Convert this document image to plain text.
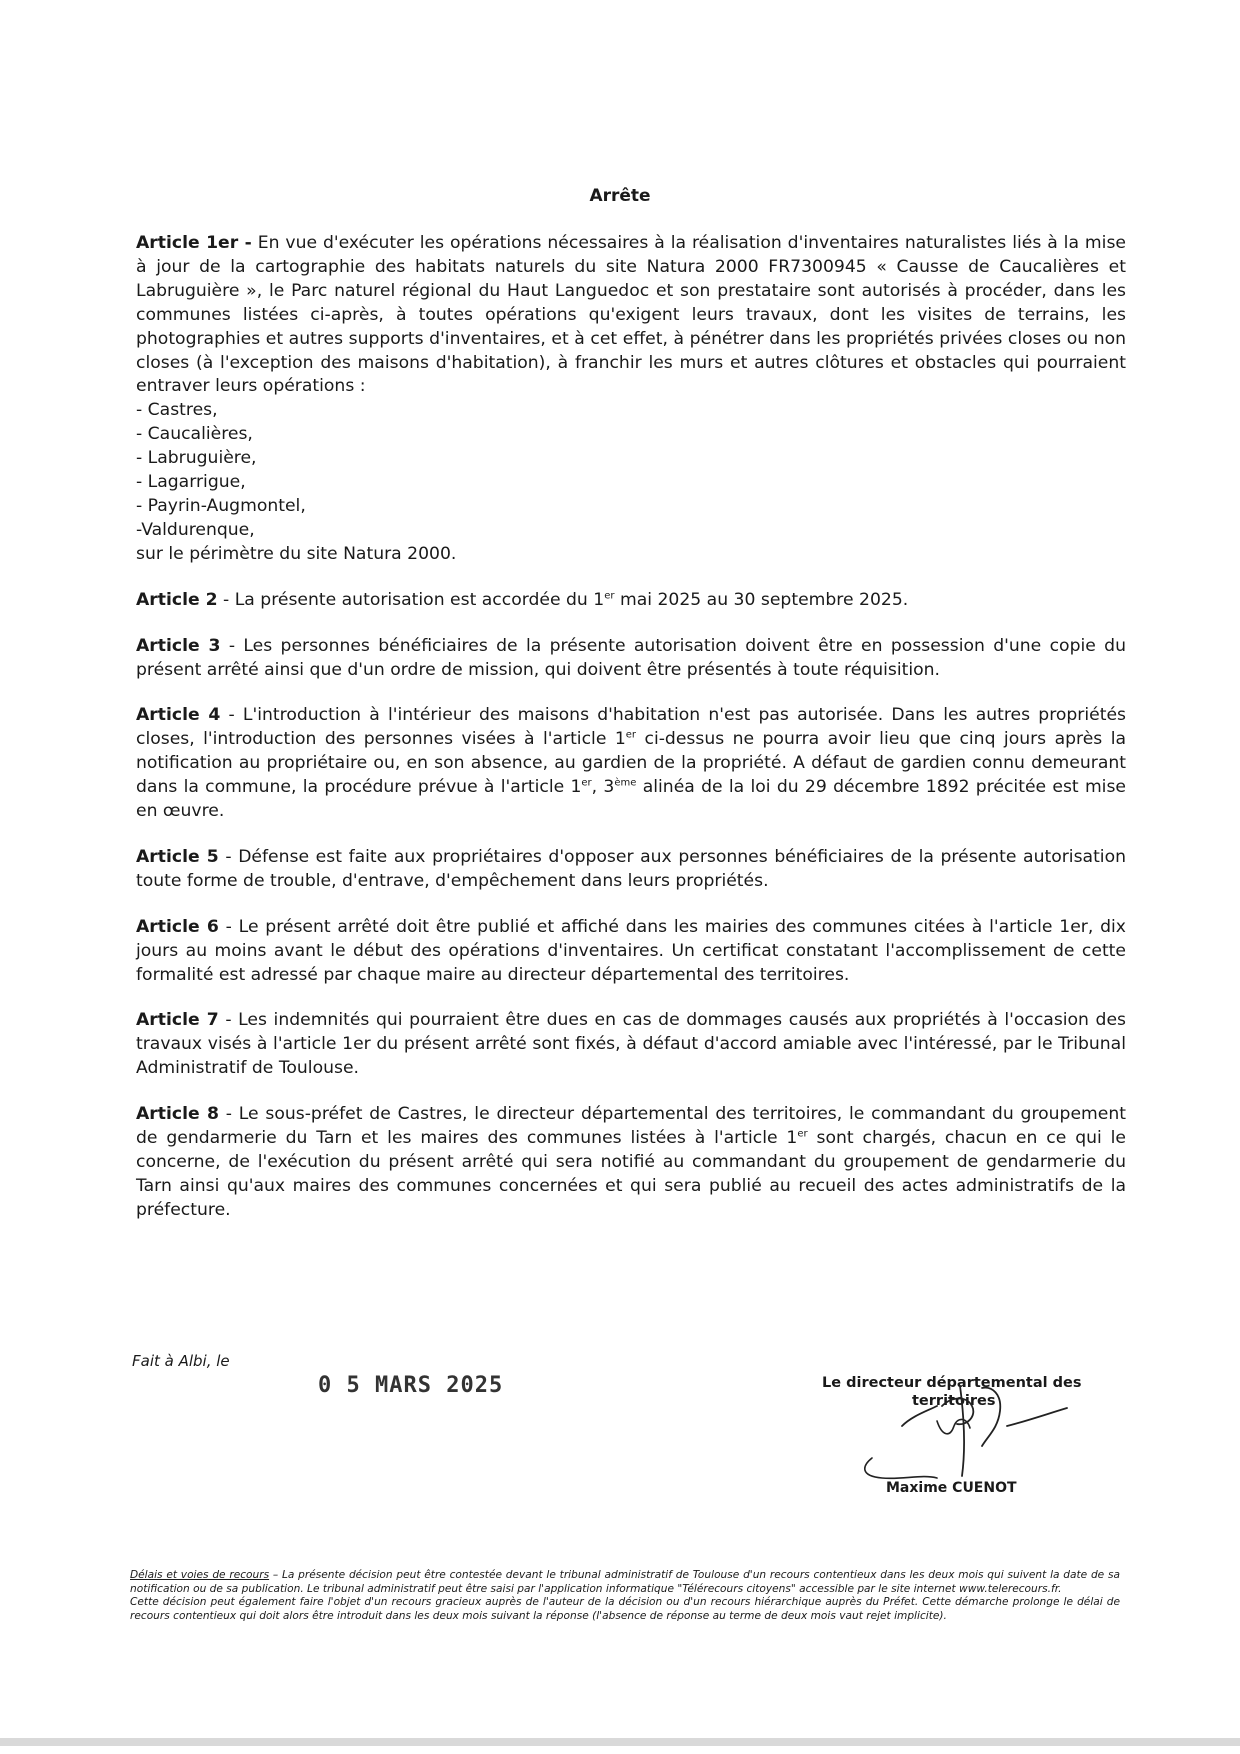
Arrête
Article 1er - En vue d'exécuter les opérations nécessaires à la réalisation d'inventaires naturalistes liés à la mise à jour de la cartographie des habitats naturels du site Natura 2000 FR7300945 « Causse de Caucalières et Labruguière », le Parc naturel régional du Haut Languedoc et son prestataire sont autorisés à procéder, dans les communes listées ci-après, à toutes opérations qu'exigent leurs travaux, dont les visites de terrains, les photographies et autres supports d'inventaires, et à cet effet, à pénétrer dans les propriétés privées closes ou non closes (à l'exception des maisons d'habitation), à franchir les murs et autres clôtures et obstacles qui pourraient entraver leurs opérations :
- Castres,
- Caucalières,
- Labruguière,
- Lagarrigue,
- Payrin-Augmontel,
-Valdurenque,
sur le périmètre du site Natura 2000.
Article 2 - La présente autorisation est accordée du 1er mai 2025 au 30 septembre 2025.
Article 3 - Les personnes bénéficiaires de la présente autorisation doivent être en possession d'une copie du présent arrêté ainsi que d'un ordre de mission, qui doivent être présentés à toute réquisition.
Article 4 - L'introduction à l'intérieur des maisons d'habitation n'est pas autorisée. Dans les autres propriétés closes, l'introduction des personnes visées à l'article 1er ci-dessus ne pourra avoir lieu que cinq jours après la notification au propriétaire ou, en son absence, au gardien de la propriété. A défaut de gardien connu demeurant dans la commune, la procédure prévue à l'article 1er, 3ème alinéa de la loi du 29 décembre 1892 précitée est mise en œuvre.
Article 5 - Défense est faite aux propriétaires d'opposer aux personnes bénéficiaires de la présente autorisation toute forme de trouble, d'entrave, d'empêchement dans leurs propriétés.
Article 6 - Le présent arrêté doit être publié et affiché dans les mairies des communes citées à l'article 1er, dix jours au moins avant le début des opérations d'inventaires. Un certificat constatant l'accomplissement de cette formalité est adressé par chaque maire au directeur départemental des territoires.
Article 7 - Les indemnités qui pourraient être dues en cas de dommages causés aux propriétés à l'occasion des travaux visés à l'article 1er du présent arrêté sont fixés, à défaut d'accord amiable avec l'intéressé, par le Tribunal Administratif de Toulouse.
Article 8 - Le sous-préfet de Castres, le directeur départemental des territoires, le commandant du groupement de gendarmerie du Tarn et les maires des communes listées à l'article 1er sont chargés, chacun en ce qui le concerne, de l'exécution du présent arrêté qui sera notifié au commandant du groupement de gendarmerie du Tarn ainsi qu'aux maires des communes concernées et qui sera publié au recueil des actes administratifs de la préfecture.
Fait à Albi, le
0 5 MARS 2025	Le directeur départemental des
territoires
Maxime CUENOT
Délais et voies de recours – La présente décision peut être contestée devant le tribunal administratif de Toulouse d'un recours contentieux dans les deux mois qui suivent la date de sa notification ou de sa publication. Le tribunal administratif peut être saisi par l'application informatique "Télérecours citoyens" accessible par le site internet www.telerecours.fr.
Cette décision peut également faire l'objet d'un recours gracieux auprès de l'auteur de la décision ou d'un recours hiérarchique auprès du Préfet. Cette démarche prolonge le délai de recours contentieux qui doit alors être introduit dans les deux mois suivant la réponse (l'absence de réponse au terme de deux mois vaut rejet implicite).
